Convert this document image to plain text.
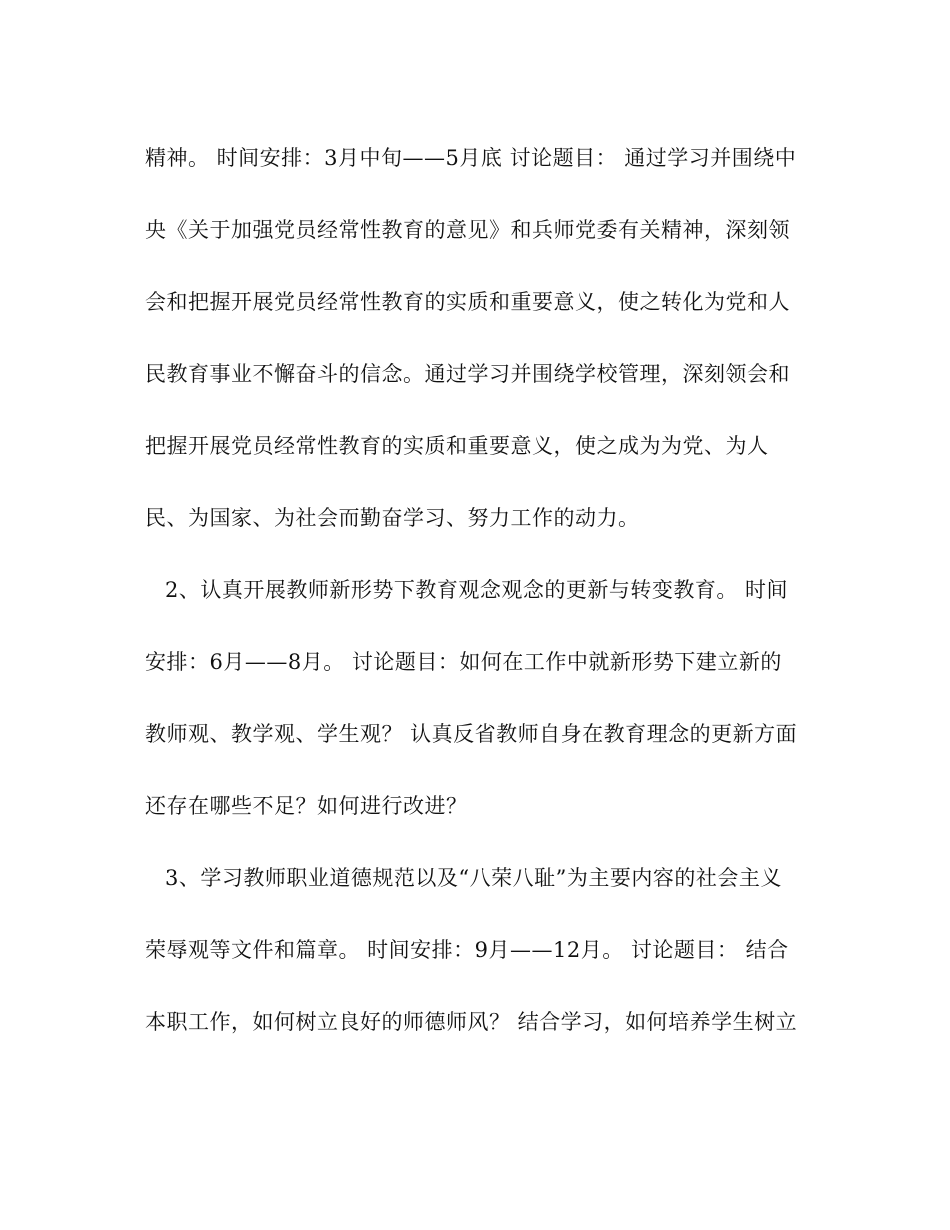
精神。 时间安排：3月中旬——5月底 讨论题目： 通过学习并围绕中
央《关于加强党员经常性教育的意见》和兵师党委有关精神，深刻领
会和把握开展党员经常性教育的实质和重要意义，使之转化为党和人
民教育事业不懈奋斗的信念。通过学习并围绕学校管理，深刻领会和
把握开展党员经常性教育的实质和重要意义，使之成为为党、为人
民、为国家、为社会而勤奋学习、努力工作的动力。
2、认真开展教师新形势下教育观念观念的更新与转变教育。 时间
安排：6月——8月。 讨论题目：如何在工作中就新形势下建立新的
教师观、教学观、学生观？ 认真反省教师自身在教育理念的更新方面
还存在哪些不足？如何进行改进？
3、学习教师职业道德规范以及“八荣八耻”为主要内容的社会主义
荣辱观等文件和篇章。 时间安排：9月——12月。 讨论题目： 结合
本职工作，如何树立良好的师德师风？ 结合学习，如何培养学生树立
